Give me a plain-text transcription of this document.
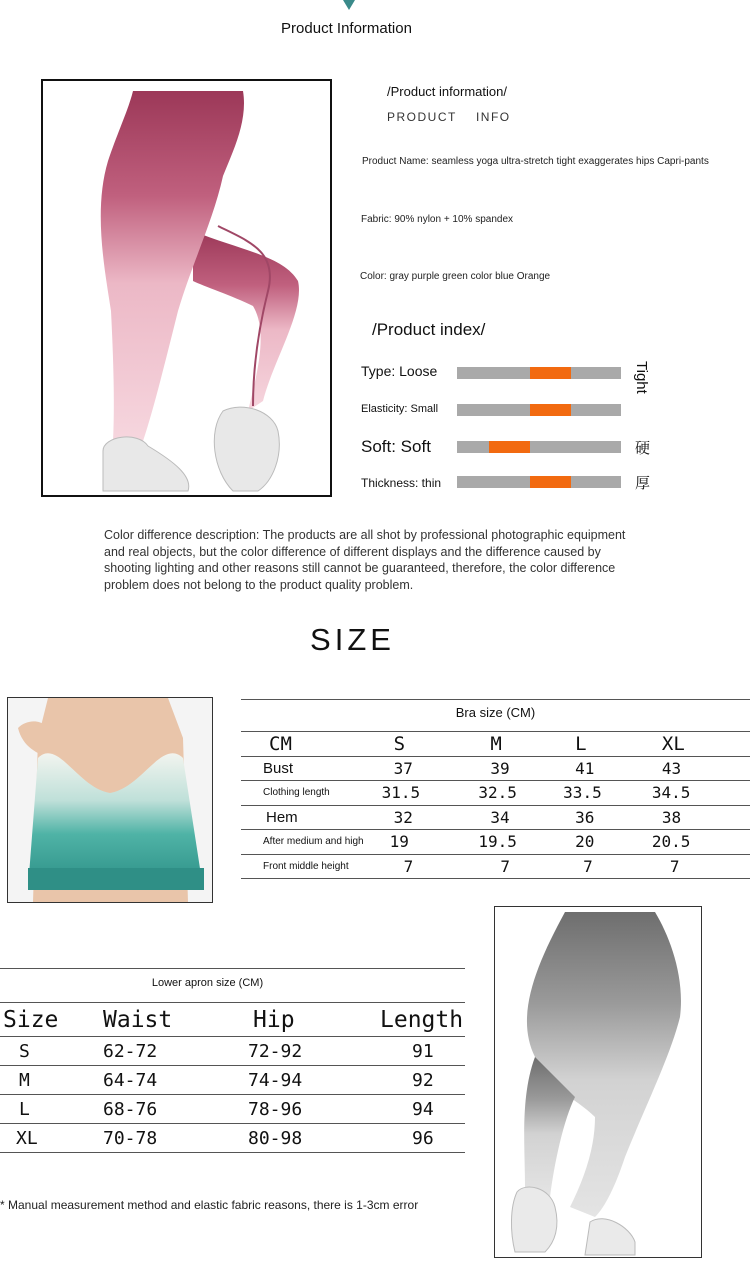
Product Information
/Product information/
PRODUCT    INFO
Product Name: seamless yoga ultra-stretch tight exaggerates hips Capri-pants
Fabric: 90% nylon + 10% spandex
Color: gray purple green color blue Orange
/Product index/
Type: Loose	Tight
Elasticity: Small
Soft: Soft	硬
Thickness: thin	厚
Color difference description: The products are all shot by professional photographic equipment and real objects, but the color difference of different displays and the difference caused by shooting lighting and other reasons still cannot be guaranteed, therefore, the color difference problem does not belong to the product quality problem.
SIZE
Bra size (CM)
CM	S	M	L	XL
Bust	37	39	41	43
Clothing length	31.5	32.5	33.5	34.5
Hem	32	34	36	38
After medium and high	19	19.5	20	20.5
Front middle height	7	7	7	7
Lower apron size (CM)
Size	Waist	Hip	Length
S	62-72	72-92	91
M	64-74	74-94	92
L	68-76	78-96	94
XL	70-78	80-98	96
* Manual measurement method and elastic fabric reasons, there is 1-3cm error
